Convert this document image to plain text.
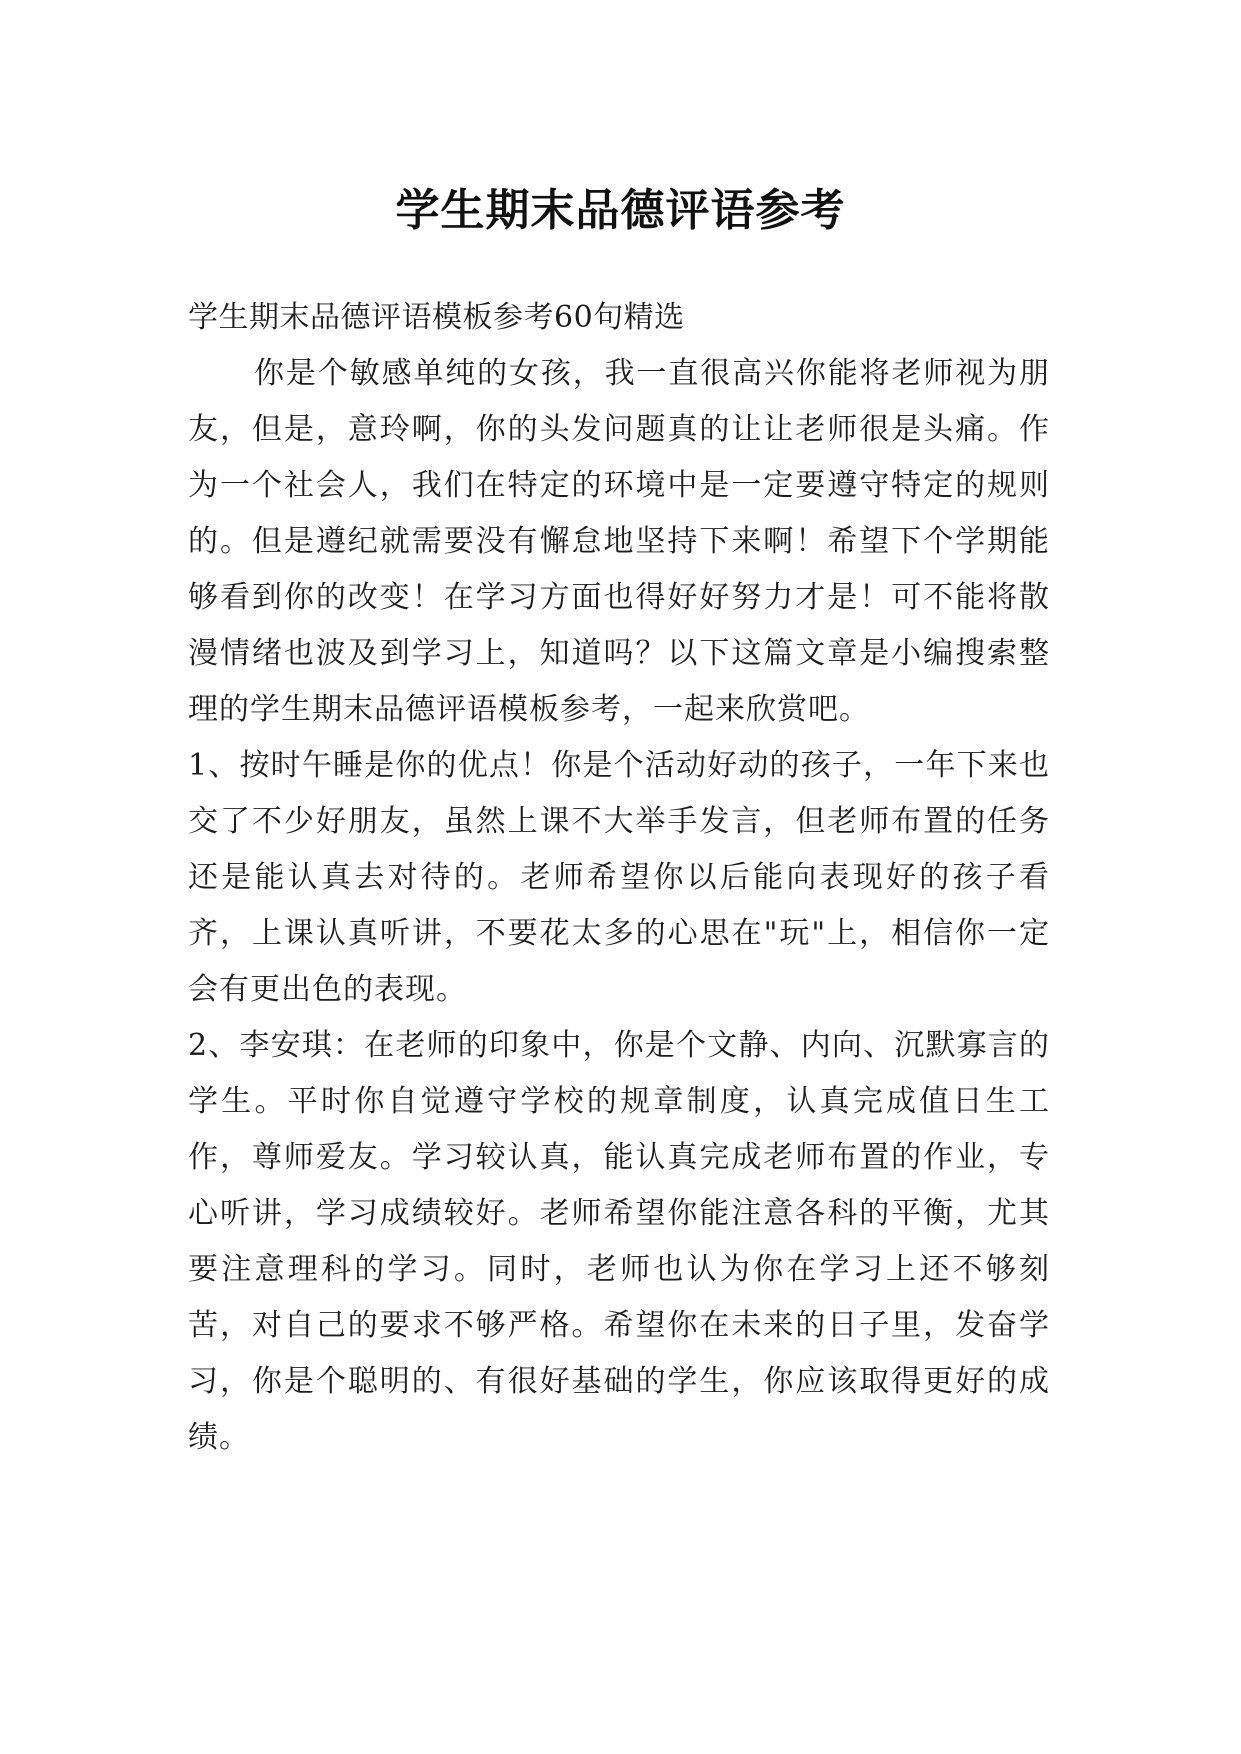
学生期末品德评语参考

学生期末品德评语模板参考60句精选

你是个敏感单纯的女孩，我一直很高兴你能将老师视为朋友，但是，意玲啊，你的头发问题真的让让老师很是头痛。作为一个社会人，我们在特定的环境中是一定要遵守特定的规则的。但是遵纪就需要没有懈怠地坚持下来啊！希望下个学期能够看到你的改变！在学习方面也得好好努力才是！可不能将散漫情绪也波及到学习上，知道吗？以下这篇文章是小编搜索整理的学生期末品德评语模板参考，一起来欣赏吧。

1、按时午睡是你的优点！你是个活动好动的孩子，一年下来也交了不少好朋友，虽然上课不大举手发言，但老师布置的任务还是能认真去对待的。老师希望你以后能向表现好的孩子看齐，上课认真听讲，不要花太多的心思在"玩"上，相信你一定会有更出色的表现。

2、李安琪：在老师的印象中，你是个文静、内向、沉默寡言的学生。平时你自觉遵守学校的规章制度，认真完成值日生工作，尊师爱友。学习较认真，能认真完成老师布置的作业，专心听讲，学习成绩较好。老师希望你能注意各科的平衡，尤其要注意理科的学习。同时，老师也认为你在学习上还不够刻苦，对自己的要求不够严格。希望你在未来的日子里，发奋学习，你是个聪明的、有很好基础的学生，你应该取得更好的成绩。
